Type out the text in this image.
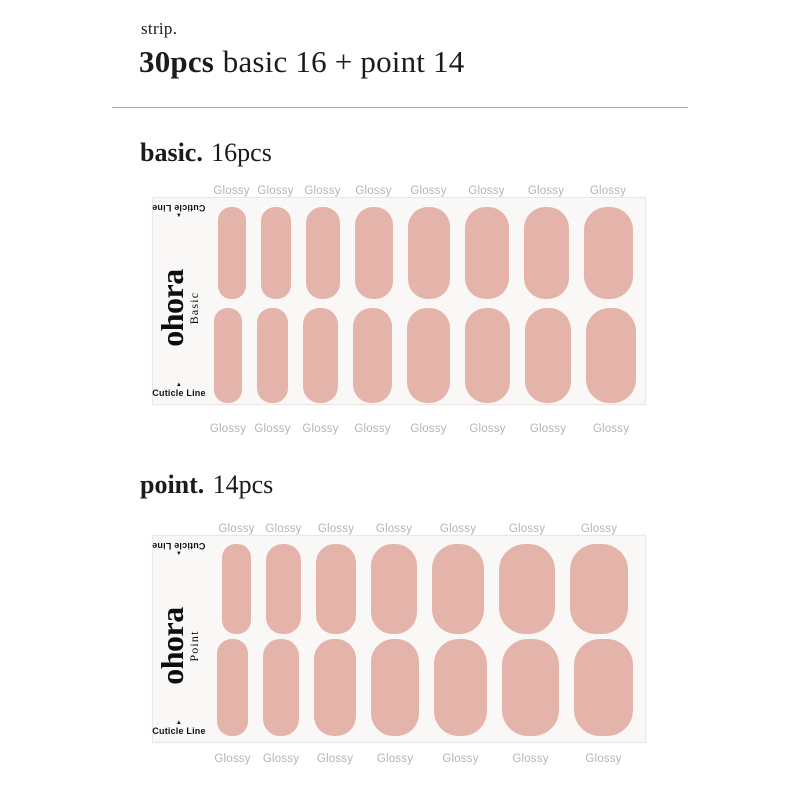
strip.
30pcs basic 16 + point 14
basic. 16pcs
Glossy Glossy Glossy Glossy Glossy	Glossy	Glossy	Glossy
Cuticle Line
▼
ohora
Basic
▲
Cuticle Line
Glossy Glossy Glossy Glossy Glossy	Glossy	Glossy	Glossy
point. 14pcs
Glossy Glossy Glossy	Glossy	Glossy	Glossy	Glossy
Cuticle Line
▼
ohora
Point
▲
Cuticle Line
Glossy Glossy Glossy	Glossy	Glossy	Glossy	Glossy
